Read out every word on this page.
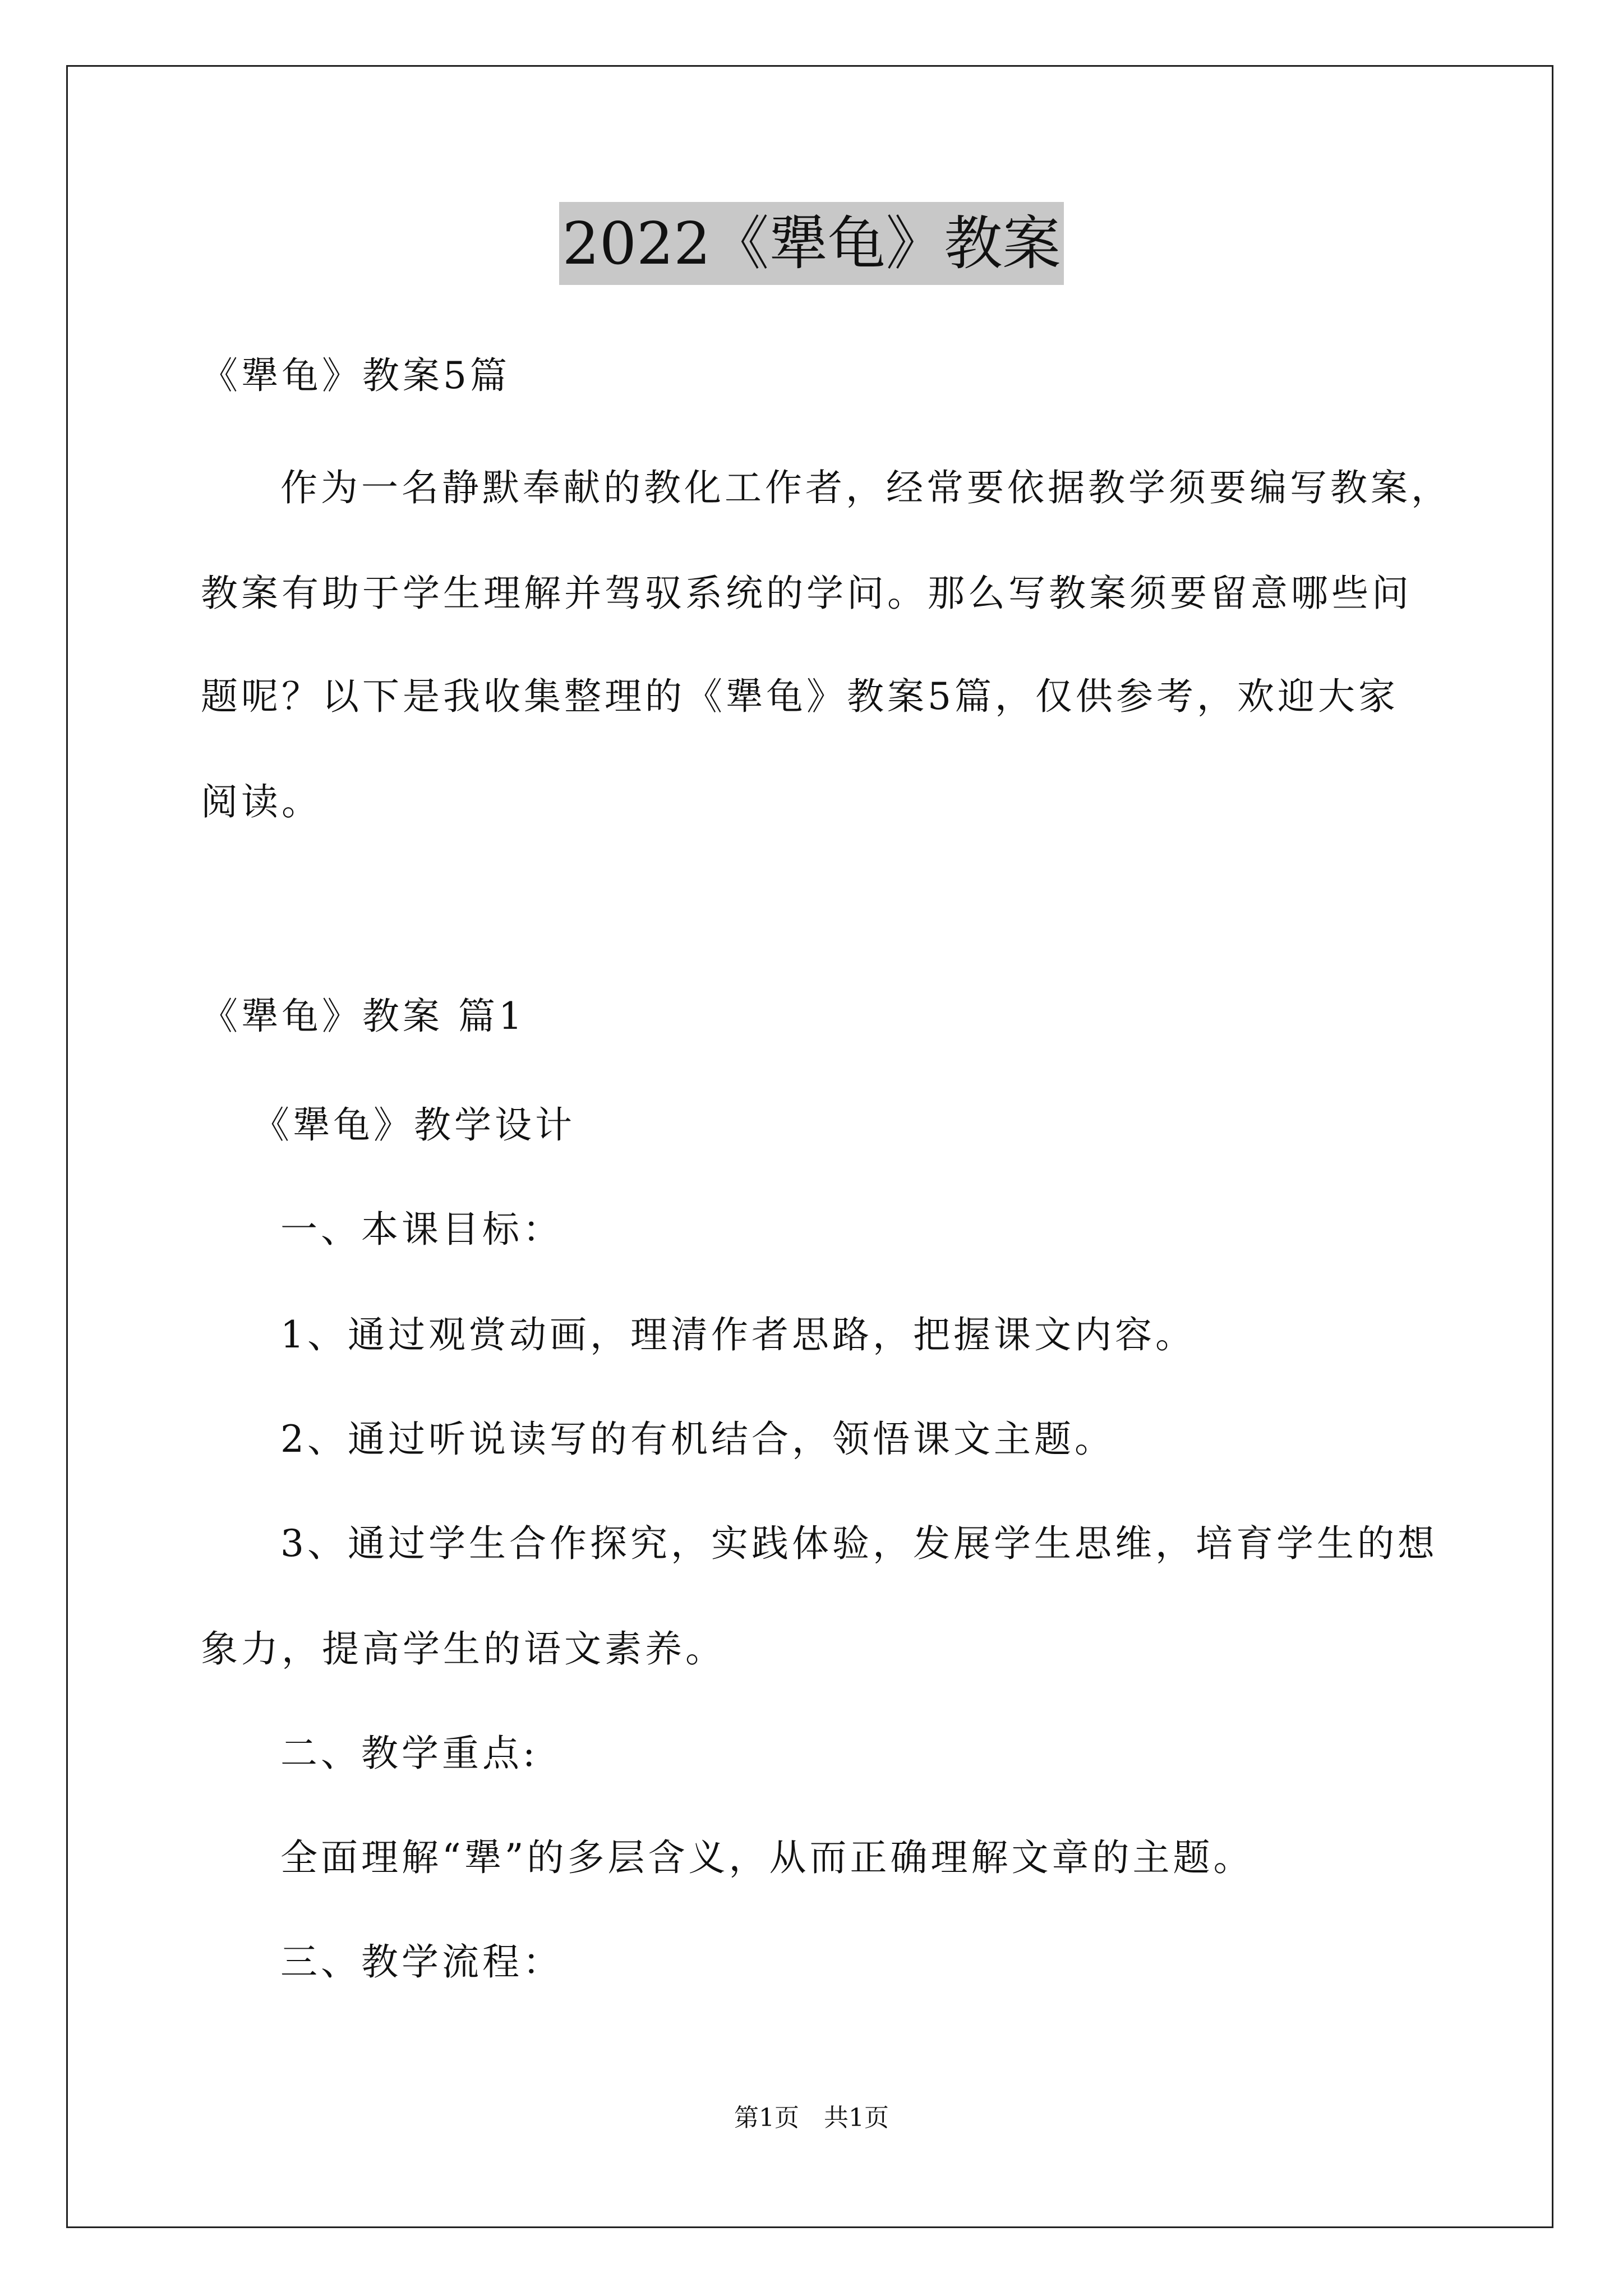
2022《犟龟》教案
《犟龟》教案5篇
作为一名静默奉献的教化工作者，经常要依据教学须要编写教案，
教案有助于学生理解并驾驭系统的学问。那么写教案须要留意哪些问
题呢？以下是我收集整理的《犟龟》教案5篇，仅供参考，欢迎大家
阅读。
《犟龟》教案 篇1
《犟龟》教学设计
一、本课目标：
1、通过观赏动画，理清作者思路，把握课文内容。
2、通过听说读写的有机结合，领悟课文主题。
3、通过学生合作探究，实践体验，发展学生思维，培育学生的想
象力，提高学生的语文素养。
二、教学重点:
全面理解“犟”的多层含义，从而正确理解文章的主题。
三、教学流程：
第1页　共1页
